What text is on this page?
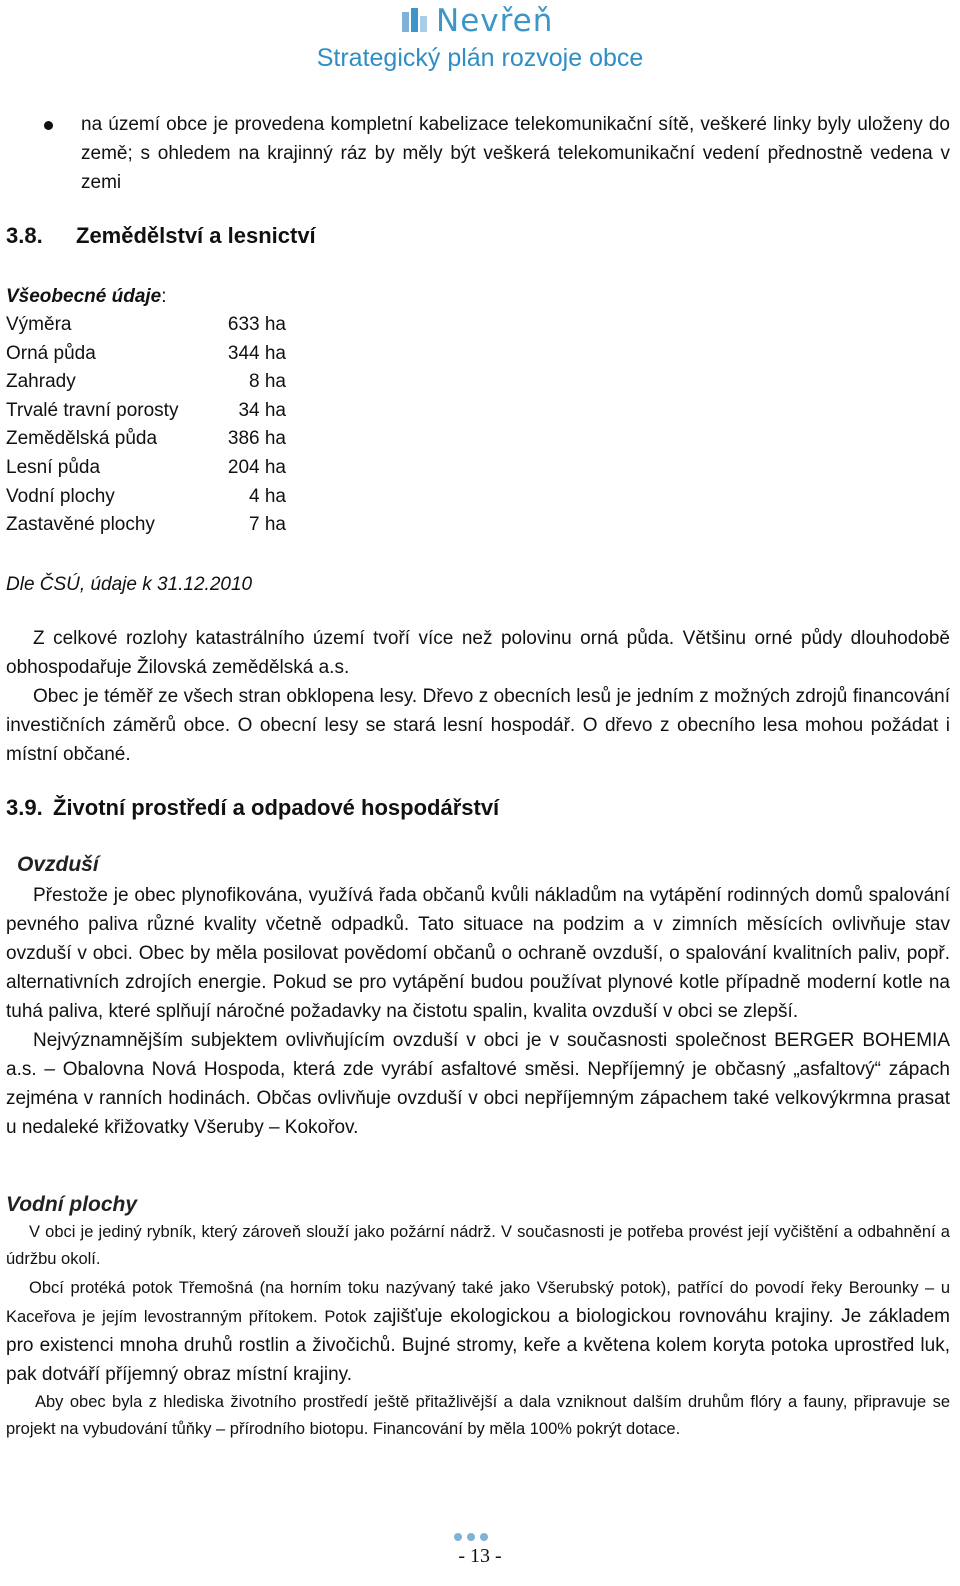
Nevřeň
Strategický plán rozvoje obce
na území obce je provedena kompletní kabelizace telekomunikační sítě, veškeré linky byly uloženy do země; s ohledem na krajinný ráz by měly být veškerá telekomunikační vedení přednostně vedena v zemi
3.8.	Zemědělství a lesnictví
Všeobecné údaje:
Výměra	633 ha
Orná půda	344 ha
Zahrady	8 ha
Trvalé travní porosty	34 ha
Zemědělská půda	386 ha
Lesní půda	204 ha
Vodní plochy	4 ha
Zastavěné plochy	7 ha
Dle ČSÚ, údaje k 31.12.2010

Z celkové rozlohy katastrálního území tvoří více než polovinu orná půda. Většinu orné půdy dlouhodobě obhospodařuje Žilovská zemědělská a.s.

Obec je téměř ze všech stran obklopena lesy. Dřevo z obecních lesů je jedním z možných zdrojů financování investičních záměrů obce. O obecní lesy se stará lesní hospodář. O dřevo z obecního lesa mohou požádat i místní občané.

3.9. Životní prostředí a odpadové hospodářství
Ovzduší

Přestože je obec plynofikována, využívá řada občanů kvůli nákladům na vytápění rodinných domů spalování pevného paliva různé kvality včetně odpadků. Tato situace na podzim a v zimních měsících ovlivňuje stav ovzduší v obci. Obec by měla posilovat povědomí občanů o ochraně ovzduší, o spalování kvalitních paliv, popř. alternativních zdrojích energie. Pokud se pro vytápění budou používat plynové kotle případně moderní kotle na tuhá paliva, které splňují náročné požadavky na čistotu spalin, kvalita ovzduší v obci se zlepší.

Nejvýznamnějším subjektem ovlivňujícím ovzduší v obci je v současnosti společnost BERGER BOHEMIA a.s. – Obalovna Nová Hospoda, která zde vyrábí asfaltové směsi. Nepříjemný je občasný „asfaltový“ zápach zejména v ranních hodinách. Občas ovlivňuje ovzduší v obci nepříjemným zápachem také velkovýkrmna prasat u nedaleké křižovatky Všeruby – Kokořov.

Vodní plochy

V obci je jediný rybník, který zároveň slouží jako požární nádrž. V současnosti je potřeba provést její vyčištění a odbahnění a údržbu okolí.

Obcí protéká potok Třemošná (na horním toku nazývaný také jako Všerubský potok), patřící do povodí řeky Berounky – u Kaceřova je jejím levostranným přítokem. Potok zajišťuje ekologickou a biologickou rovnováhu krajiny. Je základem pro existenci mnoha druhů rostlin a živočichů. Bujné stromy, keře a květena kolem koryta potoka uprostřed luk, pak dotváří příjemný obraz místní krajiny.

Aby obec byla z hlediska životního prostředí ještě přitažlivější a dala vzniknout dalším druhům flóry a fauny, připravuje se projekt na vybudování tůňky – přírodního biotopu. Financování by měla 100% pokrýt dotace.

- 13 -
